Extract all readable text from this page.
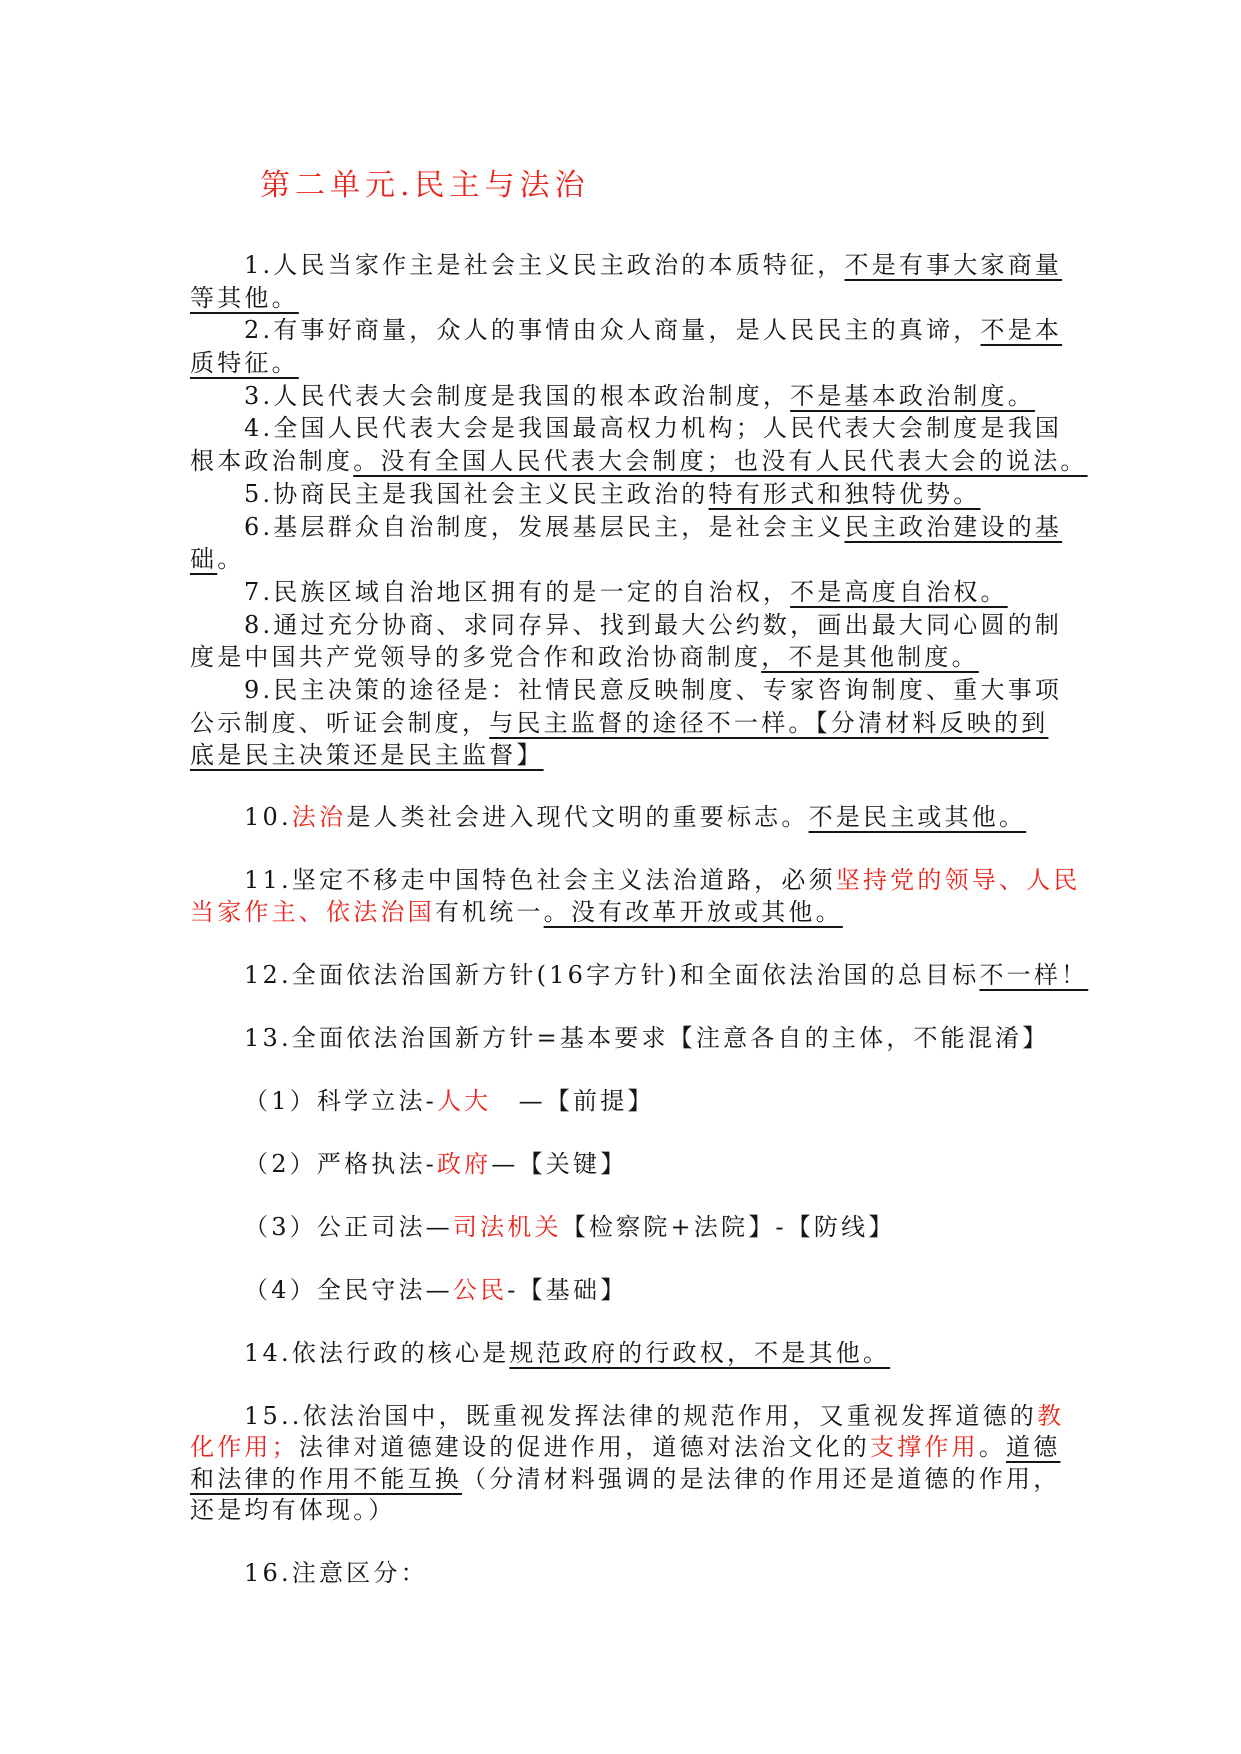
第二单元.民主与法治
1.人民当家作主是社会主义民主政治的本质特征，不是有事大家商量
等其他。
2.有事好商量，众人的事情由众人商量，是人民民主的真谛，不是本
质特征。
3.人民代表大会制度是我国的根本政治制度，不是基本政治制度。
4.全国人民代表大会是我国最高权力机构；人民代表大会制度是我国
根本政治制度。没有全国人民代表大会制度；也没有人民代表大会的说法。
5.协商民主是我国社会主义民主政治的特有形式和独特优势。
6.基层群众自治制度，发展基层民主，是社会主义民主政治建设的基
础。
7.民族区域自治地区拥有的是一定的自治权，不是高度自治权。
8.通过充分协商、求同存异、找到最大公约数，画出最大同心圆的制
度是中国共产党领导的多党合作和政治协商制度，不是其他制度。
9.民主决策的途径是：社情民意反映制度、专家咨询制度、重大事项
公示制度、听证会制度，与民主监督的途径不一样。【分清材料反映的到
底是民主决策还是民主监督】
10.法治是人类社会进入现代文明的重要标志。不是民主或其他。
11.坚定不移走中国特色社会主义法治道路，必须坚持党的领导、人民
当家作主、依法治国有机统一。没有改革开放或其他。
12.全面依法治国新方针(16字方针)和全面依法治国的总目标不一样！
13.全面依法治国新方针=基本要求【注意各自的主体，不能混淆】
（1）科学立法-人大　—【前提】
（2）严格执法-政府—【关键】
（3）公正司法—司法机关【检察院+法院】-【防线】
（4）全民守法—公民-【基础】
14.依法行政的核心是规范政府的行政权，不是其他。
15..依法治国中，既重视发挥法律的规范作用，又重视发挥道德的教
化作用；法律对道德建设的促进作用，道德对法治文化的支撑作用。道德
和法律的作用不能互换（分清材料强调的是法律的作用还是道德的作用，
还是均有体现。）
16.注意区分：
